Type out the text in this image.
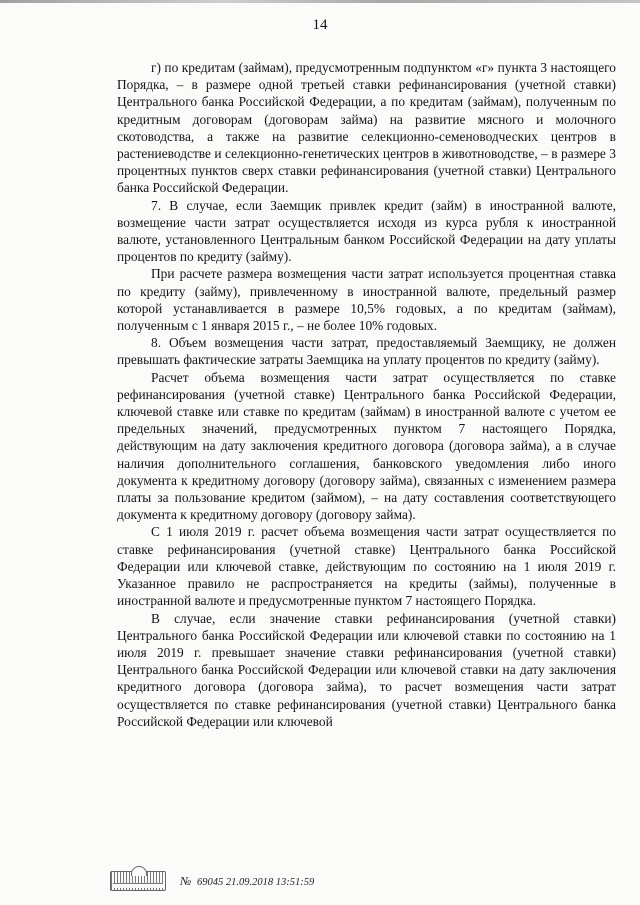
14

г) по кредитам (займам), предусмотренным подпунктом «г» пункта 3 настоящего Порядка, – в размере одной третьей ставки рефинансирования (учетной ставки) Центрального банка Российской Федерации, а по кредитам (займам), полученным по кредитным договорам (договорам займа) на развитие мясного и молочного скотоводства, а также на развитие селекционно-семеноводческих центров в растениеводстве и селекционно-генетических центров в животноводстве, – в размере 3 процентных пунктов сверх ставки рефинансирования (учетной ставки) Центрального банка Российской Федерации.

7. В случае, если Заемщик привлек кредит (займ) в иностранной валюте, возмещение части затрат осуществляется исходя из курса рубля к иностранной валюте, установленного Центральным банком Российской Федерации на дату уплаты процентов по кредиту (займу).

При расчете размера возмещения части затрат используется процентная ставка по кредиту (займу), привлеченному в иностранной валюте, предельный размер которой устанавливается в размере 10,5% годовых, а по кредитам (займам), полученным с 1 января 2015 г., – не более 10% годовых.

8. Объем возмещения части затрат, предоставляемый Заемщику, не должен превышать фактические затраты Заемщика на уплату процентов по кредиту (займу).

Расчет объема возмещения части затрат осуществляется по ставке рефинансирования (учетной ставке) Центрального банка Российской Федерации, ключевой ставке или ставке по кредитам (займам) в иностранной валюте с учетом ее предельных значений, предусмотренных пунктом 7 настоящего Порядка, действующим на дату заключения кредитного договора (договора займа), а в случае наличия дополнительного соглашения, банковского уведомления либо иного документа к кредитному договору (договору займа), связанных с изменением размера платы за пользование кредитом (займом), – на дату составления соответствующего документа к кредитному договору (договору займа).

С 1 июля 2019 г. расчет объема возмещения части затрат осуществляется по ставке рефинансирования (учетной ставке) Центрального банка Российской Федерации или ключевой ставке, действующим по состоянию на 1 июля 2019 г. Указанное правило не распространяется на кредиты (займы), полученные в иностранной валюте и предусмотренные пунктом 7 настоящего Порядка.

В случае, если значение ставки рефинансирования (учетной ставки) Центрального банка Российской Федерации или ключевой ставки по состоянию на 1 июля 2019 г. превышает значение ставки рефинансирования (учетной ставки) Центрального банка Российской Федерации или ключевой ставки на дату заключения кредитного договора (договора займа), то расчет возмещения части затрат осуществляется по ставке рефинансирования (учетной ставки) Центрального банка Российской Федерации или ключевой

№ 69045 21.09.2018 13:51:59
